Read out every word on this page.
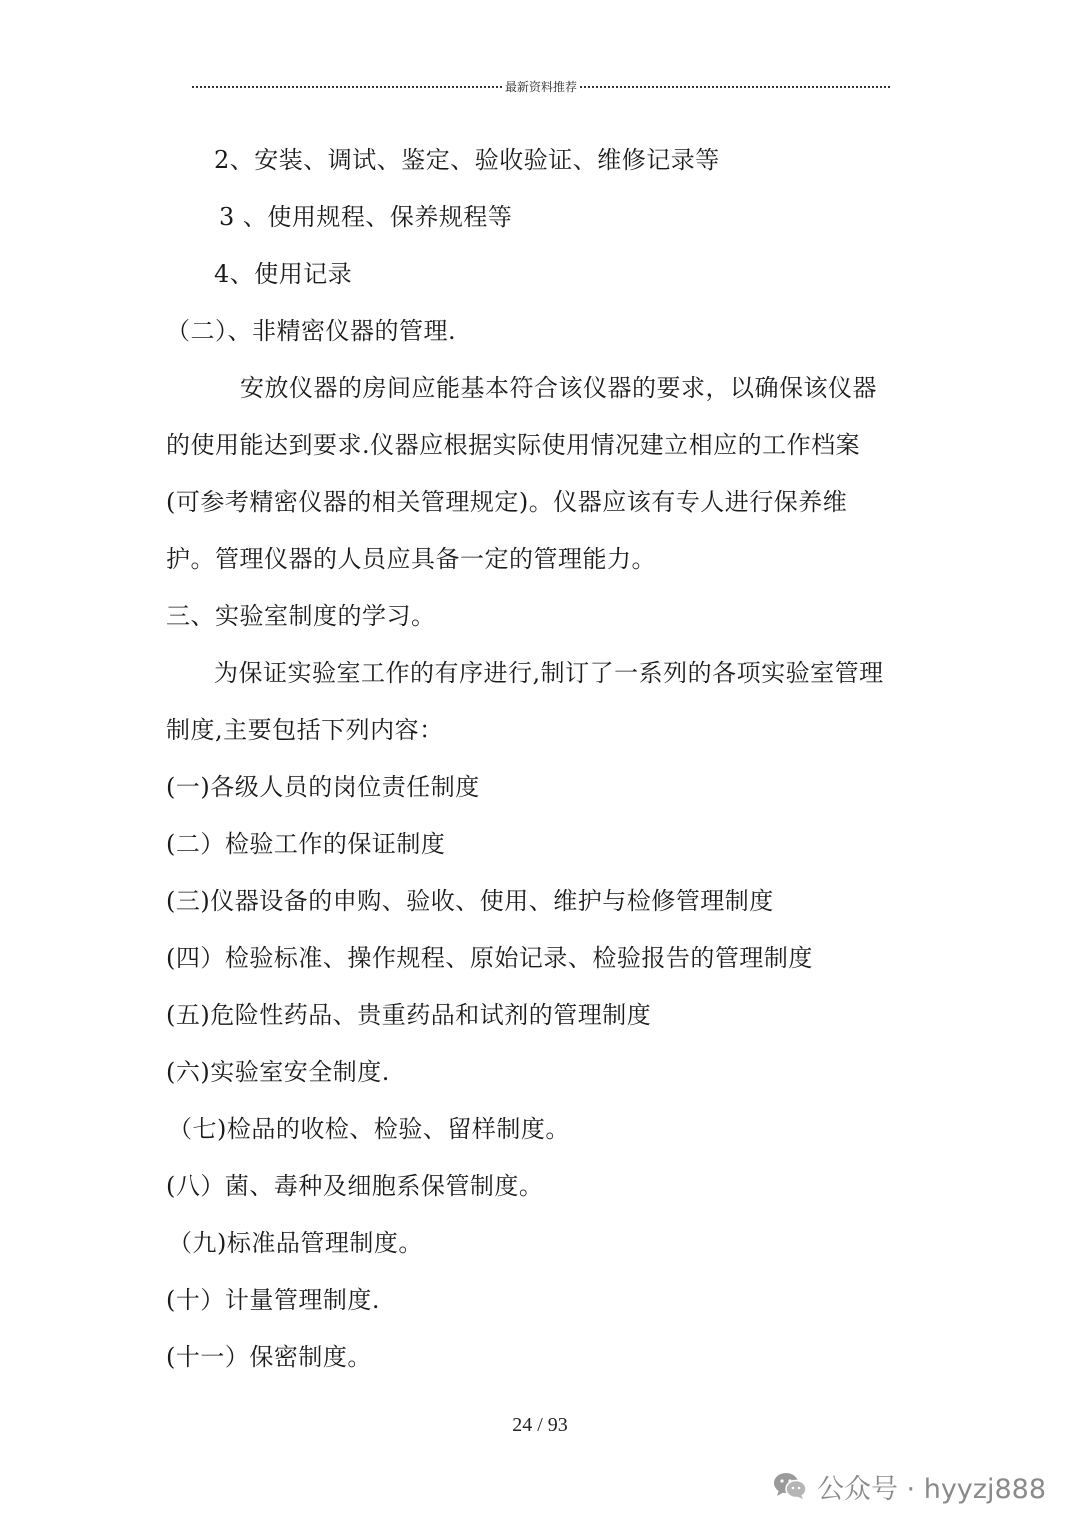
最新资料推荐
2、安装、调试、鉴定、验收验证、维修记录等
3 、使用规程、保养规程等
4、使用记录
（二）、非精密仪器的管理.
安放仪器的房间应能基本符合该仪器的要求，以确保该仪器
的使用能达到要求.仪器应根据实际使用情况建立相应的工作档案
(可参考精密仪器的相关管理规定)。仪器应该有专人进行保养维
护。管理仪器的人员应具备一定的管理能力。
三、实验室制度的学习。
为保证实验室工作的有序进行,制订了一系列的各项实验室管理
制度,主要包括下列内容：
(一)各级人员的岗位责任制度
(二）检验工作的保证制度
(三)仪器设备的申购、验收、使用、维护与检修管理制度
(四）检验标准、操作规程、原始记录、检验报告的管理制度
(五)危险性药品、贵重药品和试剂的管理制度
(六)实验室安全制度.
（七)检品的收检、检验、留样制度。
(八）菌、毒种及细胞系保管制度。
（九)标准品管理制度。
(十）计量管理制度.
(十一）保密制度。
24 / 93
公众号 · hyyzj888
